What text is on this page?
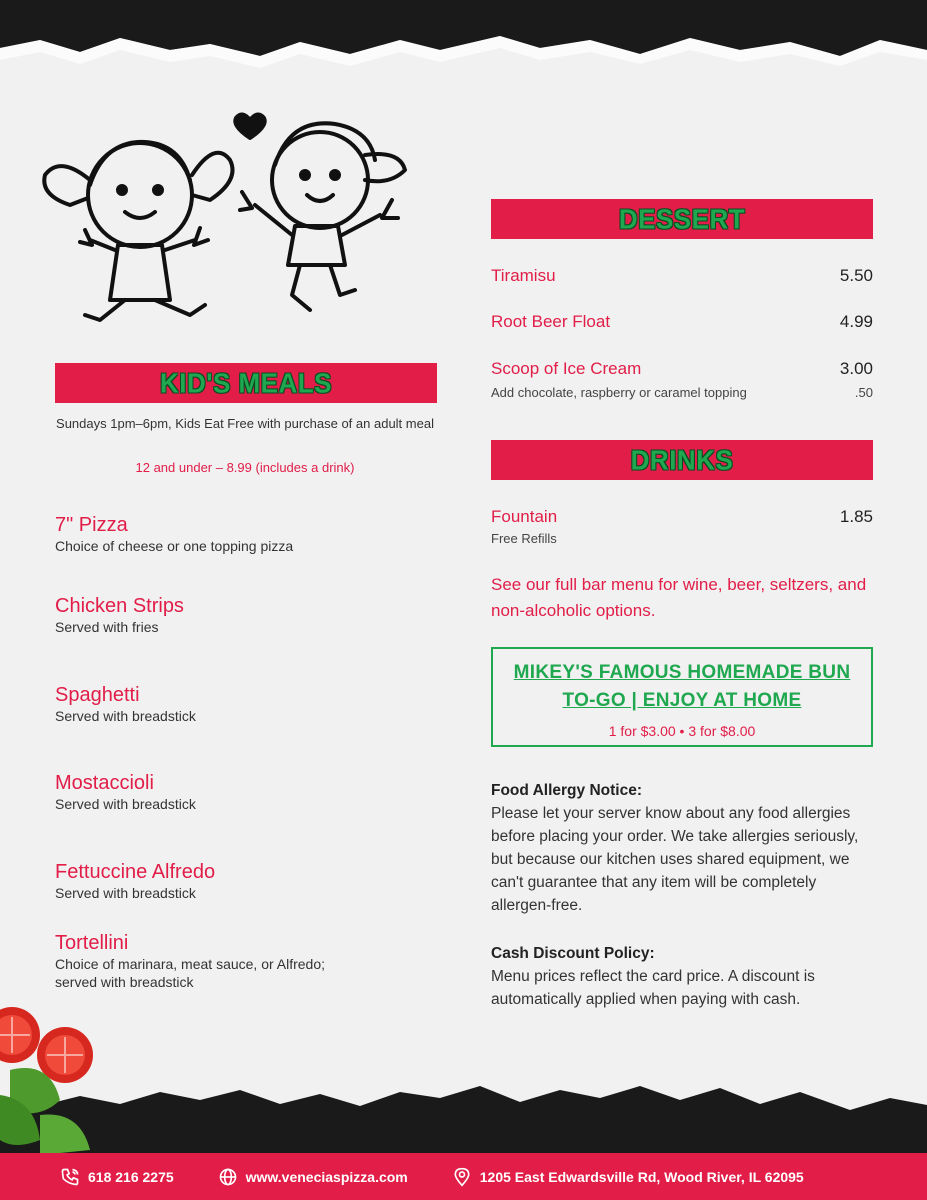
KID'S MEALS
Sundays 1pm–6pm, Kids Eat Free with purchase of an adult meal
12 and under – 8.99 (includes a drink)
7" Pizza
Choice of cheese or one topping pizza
Chicken Strips
Served with fries
Spaghetti
Served with breadstick
Mostaccioli
Served with breadstick
Fettuccine Alfredo
Served with breadstick
Tortellini
Choice of marinara, meat sauce, or Alfredo; served with breadstick
DESSERT
Tiramisu	5.50
Root Beer Float	4.99
Scoop of Ice Cream	3.00
Add chocolate, raspberry or caramel topping	.50
DRINKS
Fountain	1.85
Free Refills
See our full bar menu for wine, beer, seltzers, and non-alcoholic options.
MIKEY'S FAMOUS HOMEMADE BUN
TO-GO | ENJOY AT HOME
1 for $3.00 • 3 for $8.00
Food Allergy Notice:
Please let your server know about any food allergies before placing your order. We take allergies seriously, but because our kitchen uses shared equipment, we can't guarantee that any item will be completely allergen-free.
Cash Discount Policy:
Menu prices reflect the card price. A discount is automatically applied when paying with cash.
618 216 2275	www.veneciaspizza.com	1205 East Edwardsville Rd, Wood River, IL 62095
